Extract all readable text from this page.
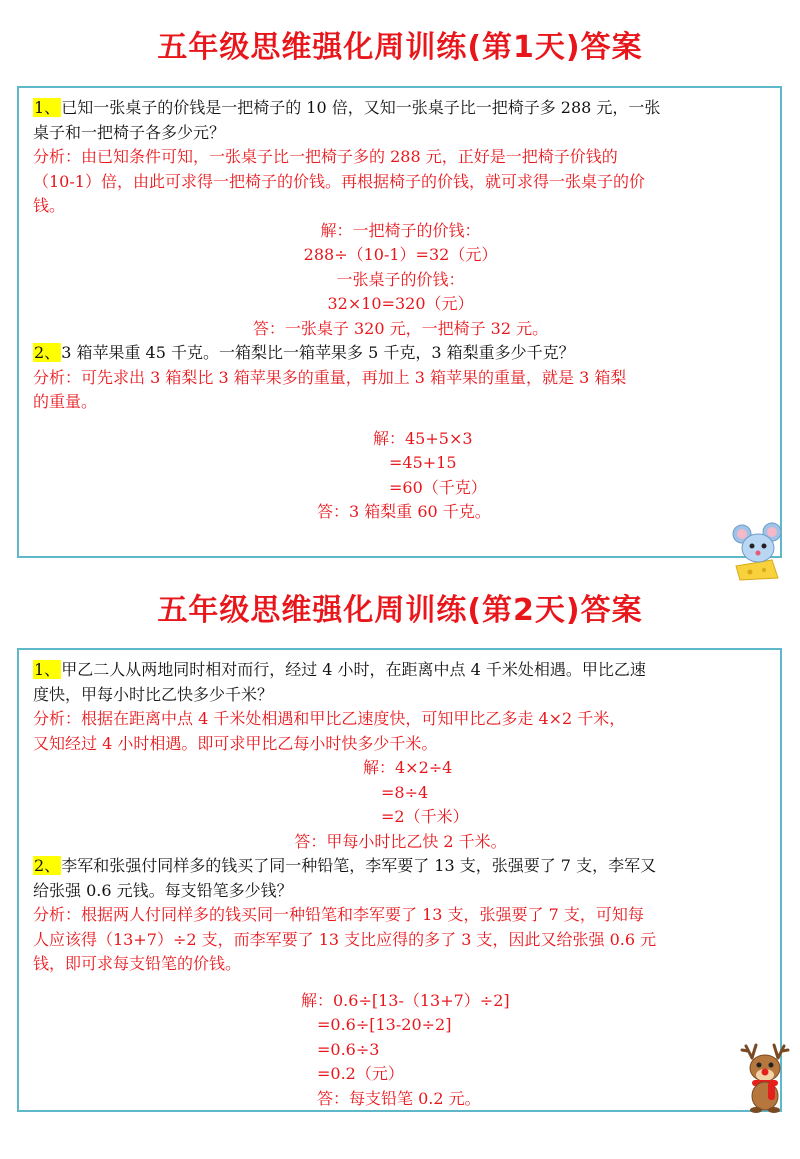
五年级思维强化周训练(第1天)答案
1、已知一张桌子的价钱是一把椅子的 10 倍，又知一张桌子比一把椅子多 288 元，一张
桌子和一把椅子各多少元？
分析：由已知条件可知，一张桌子比一把椅子多的 288 元，正好是一把椅子价钱的
（10-1）倍，由此可求得一把椅子的价钱。再根据椅子的价钱，就可求得一张桌子的价
钱。
解：一把椅子的价钱：
288÷（10-1）=32（元）
一张桌子的价钱：
32×10=320（元）
答：一张桌子 320 元，一把椅子 32 元。
2、3 箱苹果重 45 千克。一箱梨比一箱苹果多 5 千克，3 箱梨重多少千克？
分析：可先求出 3 箱梨比 3 箱苹果多的重量，再加上 3 箱苹果的重量，就是 3 箱梨
的重量。
解：45+5×3
=45+15
=60（千克）
答：3 箱梨重 60 千克。
五年级思维强化周训练(第2天)答案
1、甲乙二人从两地同时相对而行，经过 4 小时，在距离中点 4 千米处相遇。甲比乙速
度快，甲每小时比乙快多少千米？
分析：根据在距离中点 4 千米处相遇和甲比乙速度快，可知甲比乙多走 4×2 千米，
又知经过 4 小时相遇。即可求甲比乙每小时快多少千米。
解：4×2÷4
=8÷4
=2（千米）
答：甲每小时比乙快 2 千米。
2、李军和张强付同样多的钱买了同一种铅笔，李军要了 13 支，张强要了 7 支，李军又
给张强 0.6 元钱。每支铅笔多少钱？
分析：根据两人付同样多的钱买同一种铅笔和李军要了 13 支，张强要了 7 支，可知每
人应该得（13+7）÷2 支，而李军要了 13 支比应得的多了 3 支，因此又给张强 0.6 元
钱，即可求每支铅笔的价钱。
解：0.6÷[13-（13+7）÷2]
=0.6÷[13-20÷2]
=0.6÷3
=0.2（元）
答：每支铅笔 0.2 元。
